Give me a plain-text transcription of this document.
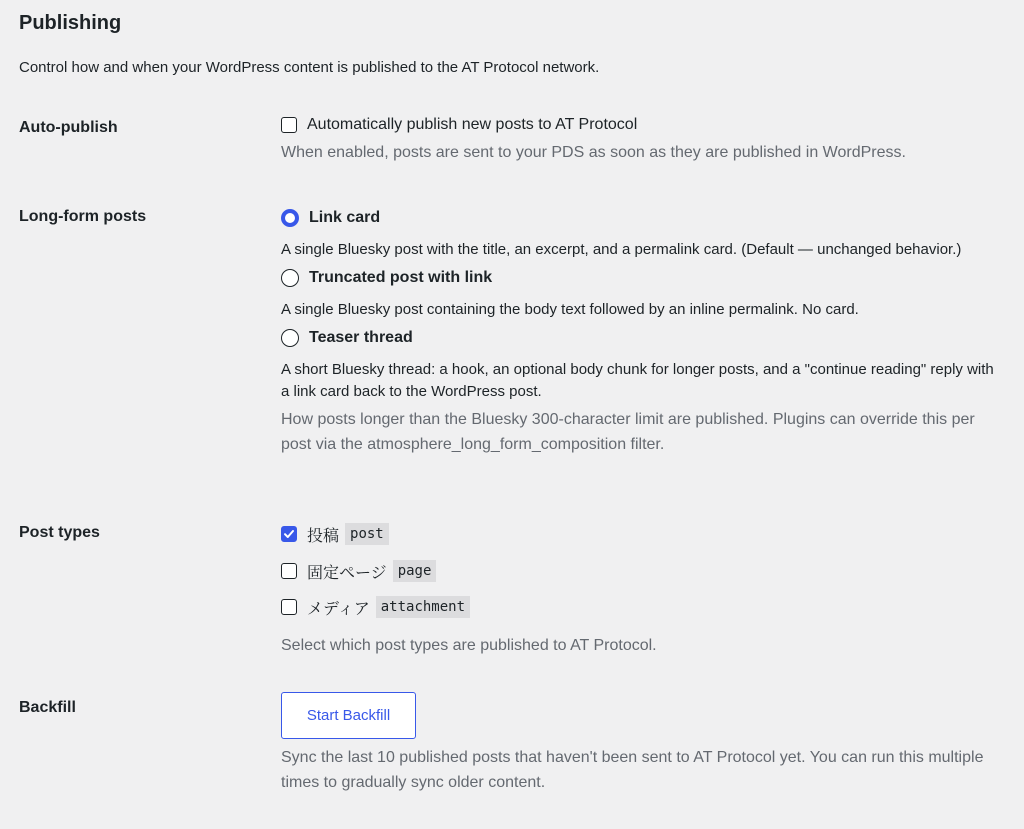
Publishing

Control how and when your WordPress content is published to the AT Protocol network.

Auto-publish	Automatically publish new posts to AT Protocol
When enabled, posts are sent to your PDS as soon as they are published in WordPress.
Long-form posts	Link card
A single Bluesky post with the title, an excerpt, and a permalink card. (Default — unchanged behavior.)
Truncated post with link
A single Bluesky post containing the body text followed by an inline permalink. No card.
Teaser thread
A short Bluesky thread: a hook, an optional body chunk for longer posts, and a "continue reading" reply with a link card back to the WordPress post.
How posts longer than the Bluesky 300-character limit are published. Plugins can override this per post via the atmosphere_long_form_composition filter.
Post types	投稿 post
固定ページ page
メディア attachment
Select which post types are published to AT Protocol.
Backfill	Start Backfill
Sync the last 10 published posts that haven't been sent to AT Protocol yet. You can run this multiple times to gradually sync older content.
